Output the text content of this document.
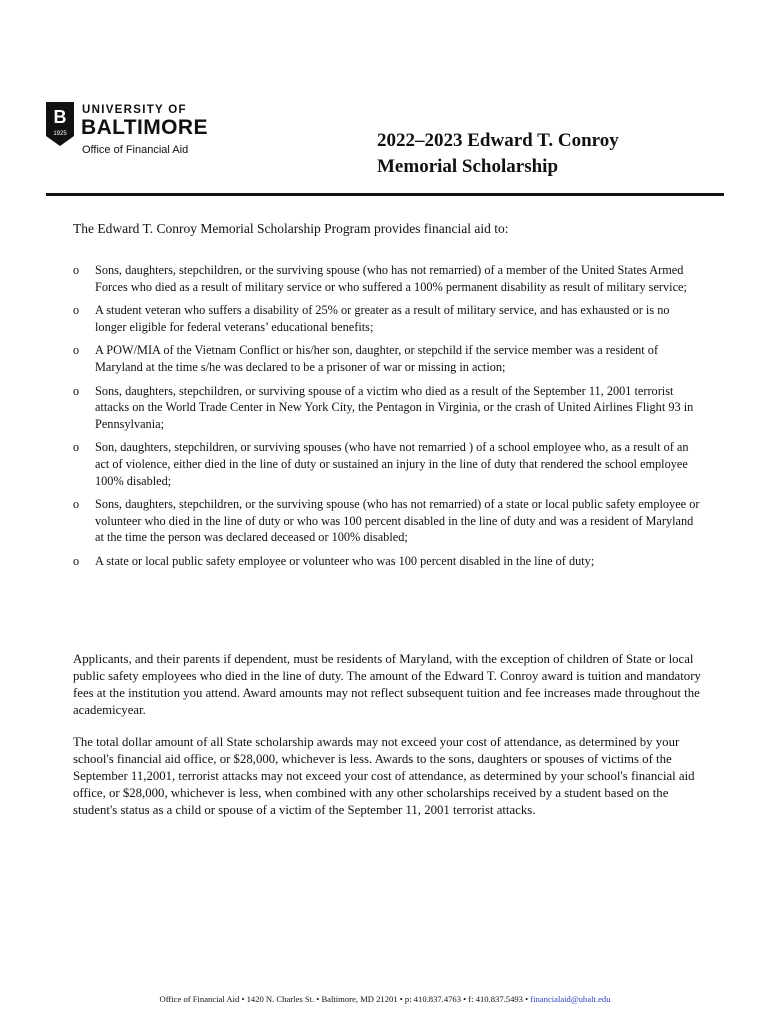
B
1925
UNIVERSITY OF
BALTIMORE
Office of Financial Aid	2022–2023 Edward T. Conroy
Memorial Scholarship

The Edward T. Conroy Memorial Scholarship Program provides financial aid to:

o Sons, daughters, stepchildren, or the surviving spouse (who has not remarried) of a member of the United States Armed Forces who died as a result of military service or who suffered a 100% permanent disability as result of military service;
o A student veteran who suffers a disability of 25% or greater as a result of military service, and has exhausted or is no longer eligible for federal veterans’ educational benefits;
o A POW/MIA of the Vietnam Conflict or his/her son, daughter, or stepchild if the service member was a resident of Maryland at the time s/he was declared to be a prisoner of war or missing in action;
o Sons, daughters, stepchildren, or surviving spouse of a victim who died as a result of the September 11, 2001 terrorist attacks on the World Trade Center in New York City, the Pentagon in Virginia, or the crash of United Airlines Flight 93 in Pennsylvania;
o Son, daughters, stepchildren, or surviving spouses (who have not remarried ) of a school employee who, as a result of an act of violence, either died in the line of duty or sustained an injury in the line of duty that rendered the school employee 100% disabled;
o Sons, daughters, stepchildren, or the surviving spouse (who has not remarried) of a state or local public safety employee or volunteer who died in the line of duty or who was 100 percent disabled in the line of duty and was a resident of Maryland at the time the person was declared deceased or 100% disabled;
o A state or local public safety employee or volunteer who was 100 percent disabled in the line of duty;

Applicants, and their parents if dependent, must be residents of Maryland, with the exception of children of State or local public safety employees who died in the line of duty. The amount of the Edward T. Conroy award is tuition and mandatory fees at the institution you attend. Award amounts may not reflect subsequent tuition and fee increases made throughout the academicyear.

The total dollar amount of all State scholarship awards may not exceed your cost of attendance, as determined by your school's financial aid office, or $28,000, whichever is less. Awards to the sons, daughters or spouses of victims of the September 11,2001, terrorist attacks may not exceed your cost of attendance, as determined by your school's financial aid office, or $28,000, whichever is less, when combined with any other scholarships received by a student based on the student's status as a child or spouse of a victim of the September 11, 2001 terrorist attacks.

Office of Financial Aid • 1420 N. Charles St. • Baltimore, MD 21201 • p: 410.837.4763 • f: 410.837.5493 • financialaid@ubalt.edu
